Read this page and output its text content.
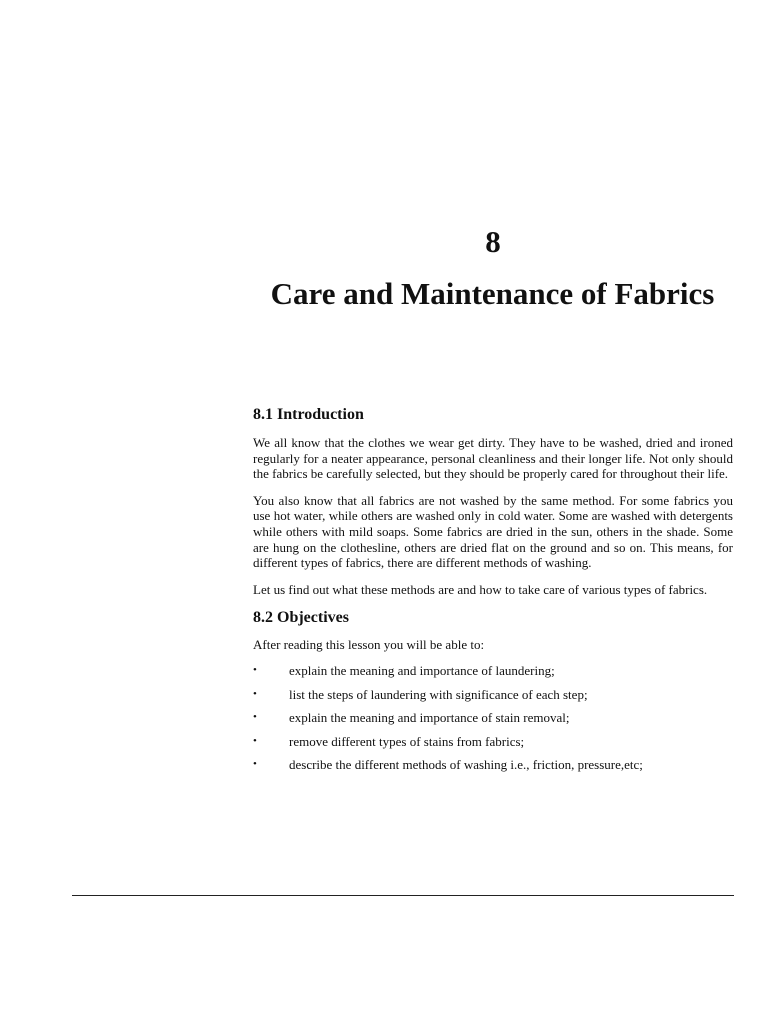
8
Care and Maintenance of Fabrics
8.1 Introduction

We all know that the clothes we wear get dirty. They have to be washed, dried and ironed regularly for a neater appearance, personal cleanliness and their longer life. Not only should the fabrics be carefully selected, but they should be properly cared for throughout their life.

You also know that all fabrics are not washed by the same method. For some fabrics you use hot water, while others are washed only in cold water. Some are washed with detergents while others with mild soaps. Some fabrics are dried in the sun, others in the shade. Some are hung on the clothesline, others are dried flat on the ground and so on. This means, for different types of fabrics, there are different methods of washing.

Let us find out what these methods are and how to take care of various types of fabrics.

8.2 Objectives

After reading this lesson you will be able to:

• explain the meaning and importance of laundering;
• list the steps of laundering with significance of each step;
• explain the meaning and importance of stain removal;
• remove different types of stains from fabrics;
• describe the different methods of washing i.e., friction, pressure,etc;
